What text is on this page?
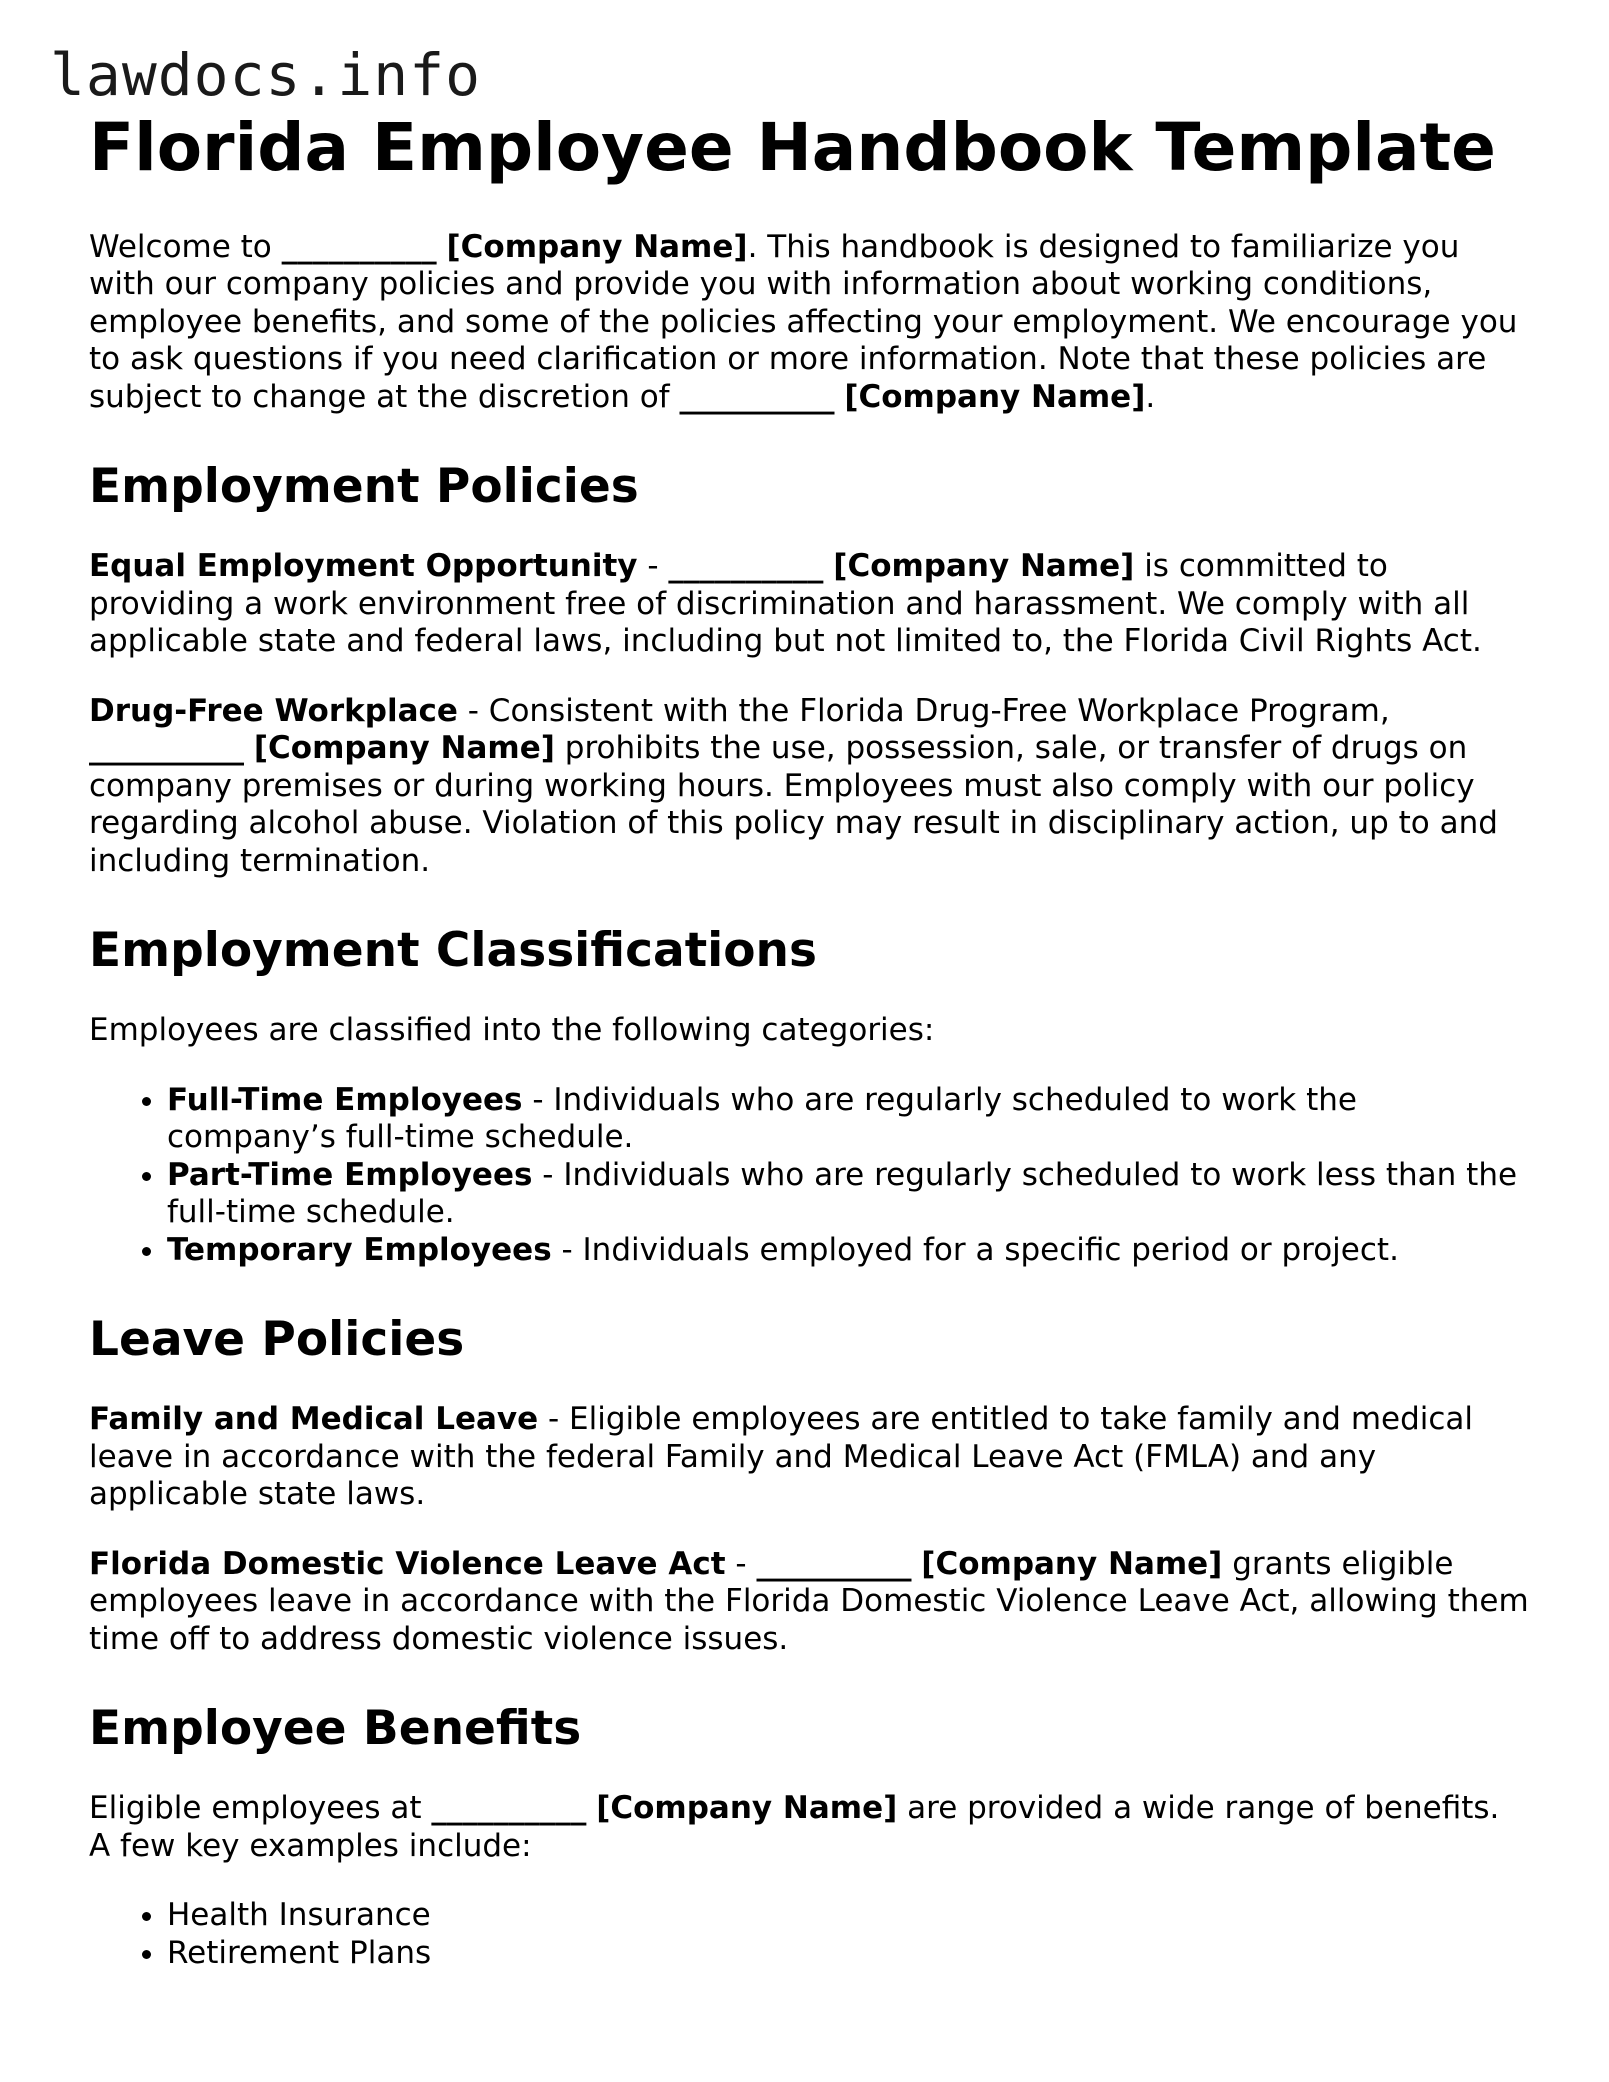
lawdocs.info
Florida Employee Handbook Template

Welcome to __________ [Company Name]. This handbook is designed to familiarize you with our company policies and provide you with information about working conditions, employee benefits, and some of the policies affecting your employment. We encourage you to ask questions if you need clarification or more information. Note that these policies are subject to change at the discretion of __________ [Company Name].

Employment Policies

Equal Employment Opportunity - __________ [Company Name] is committed to providing a work environment free of discrimination and harassment. We comply with all applicable state and federal laws, including but not limited to, the Florida Civil Rights Act.

Drug-Free Workplace - Consistent with the Florida Drug-Free Workplace Program, __________ [Company Name] prohibits the use, possession, sale, or transfer of drugs on company premises or during working hours. Employees must also comply with our policy regarding alcohol abuse. Violation of this policy may result in disciplinary action, up to and including termination.

Employment Classifications

Employees are classified into the following categories:

• Full-Time Employees - Individuals who are regularly scheduled to work the company’s full-time schedule.
• Part-Time Employees - Individuals who are regularly scheduled to work less than the full-time schedule.
• Temporary Employees - Individuals employed for a specific period or project.
Leave Policies

Family and Medical Leave - Eligible employees are entitled to take family and medical leave in accordance with the federal Family and Medical Leave Act (FMLA) and any applicable state laws.

Florida Domestic Violence Leave Act - __________ [Company Name] grants eligible employees leave in accordance with the Florida Domestic Violence Leave Act, allowing them time off to address domestic violence issues.

Employee Benefits

Eligible employees at __________ [Company Name] are provided a wide range of benefits. A few key examples include:

• Health Insurance
• Retirement Plans
